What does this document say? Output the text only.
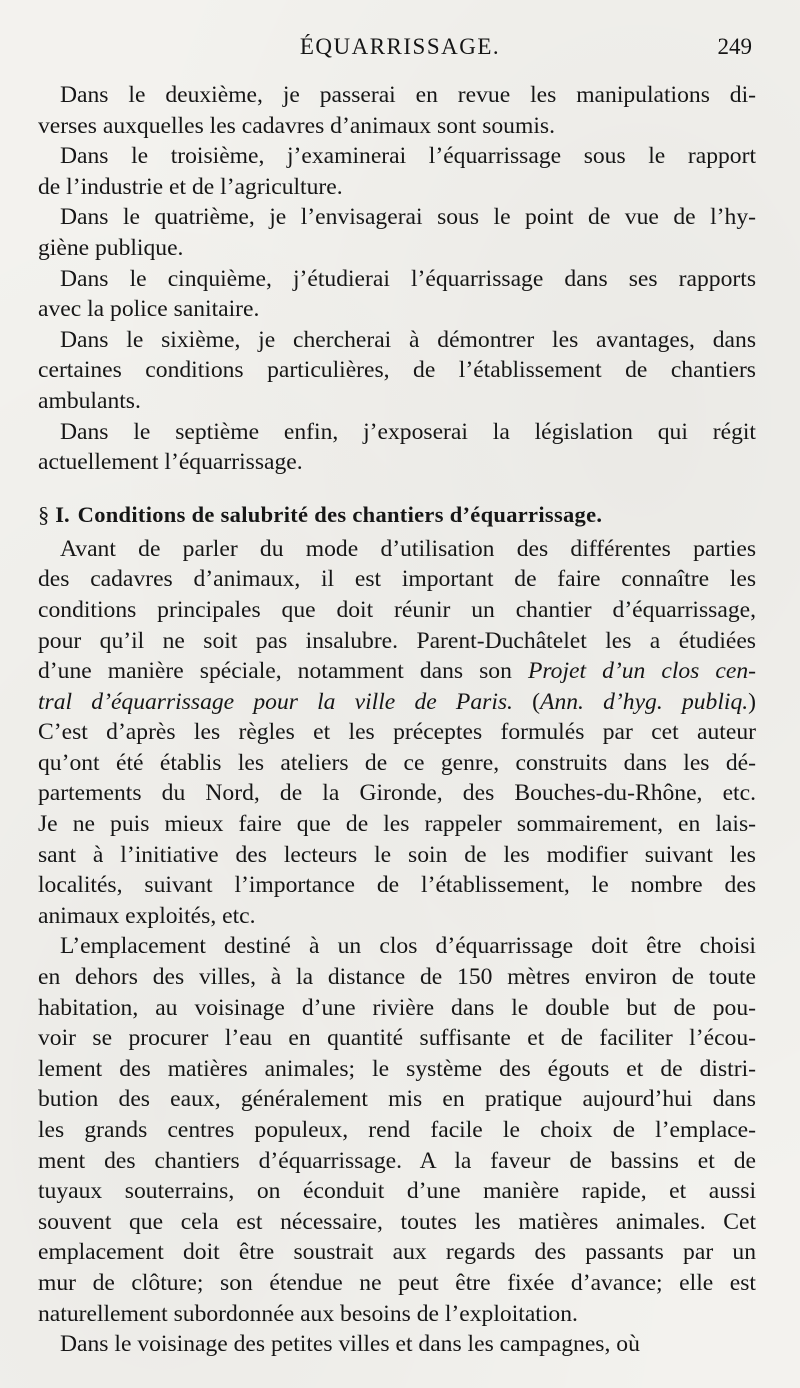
ÉQUARRISSAGE.	249
Dans le deuxième, je passerai en revue les manipulations di-
verses auxquelles les cadavres d’animaux sont soumis.
Dans le troisième, j’examinerai l’équarrissage sous le rapport
de l’industrie et de l’agriculture.
Dans le quatrième, je l’envisagerai sous le point de vue de l’hy-
giène publique.
Dans le cinquième, j’étudierai l’équarrissage dans ses rapports
avec la police sanitaire.
Dans le sixième, je chercherai à démontrer les avantages, dans
certaines conditions particulières, de l’établissement de chantiers
ambulants.
Dans le septième enfin, j’exposerai la législation qui régit
actuellement l’équarrissage.
§ I. Conditions de salubrité des chantiers d’équarrissage.
Avant de parler du mode d’utilisation des différentes parties
des cadavres d’animaux, il est important de faire connaître les
conditions principales que doit réunir un chantier d’équarrissage,
pour qu’il ne soit pas insalubre. Parent-Duchâtelet les a étudiées
d’une manière spéciale, notamment dans son Projet d’un clos cen-
tral d’équarrissage pour la ville de Paris. (Ann. d’hyg. publiq.)
C’est d’après les règles et les préceptes formulés par cet auteur
qu’ont été établis les ateliers de ce genre, construits dans les dé-
partements du Nord, de la Gironde, des Bouches-du-Rhône, etc.
Je ne puis mieux faire que de les rappeler sommairement, en lais-
sant à l’initiative des lecteurs le soin de les modifier suivant les
localités, suivant l’importance de l’établissement, le nombre des
animaux exploités, etc.
L’emplacement destiné à un clos d’équarrissage doit être choisi
en dehors des villes, à la distance de 150 mètres environ de toute
habitation, au voisinage d’une rivière dans le double but de pou-
voir se procurer l’eau en quantité suffisante et de faciliter l’écou-
lement des matières animales; le système des égouts et de distri-
bution des eaux, généralement mis en pratique aujourd’hui dans
les grands centres populeux, rend facile le choix de l’emplace-
ment des chantiers d’équarrissage. A la faveur de bassins et de
tuyaux souterrains, on éconduit d’une manière rapide, et aussi
souvent que cela est nécessaire, toutes les matières animales. Cet
emplacement doit être soustrait aux regards des passants par un
mur de clôture; son étendue ne peut être fixée d’avance; elle est
naturellement subordonnée aux besoins de l’exploitation.
Dans le voisinage des petites villes et dans les campagnes, où
